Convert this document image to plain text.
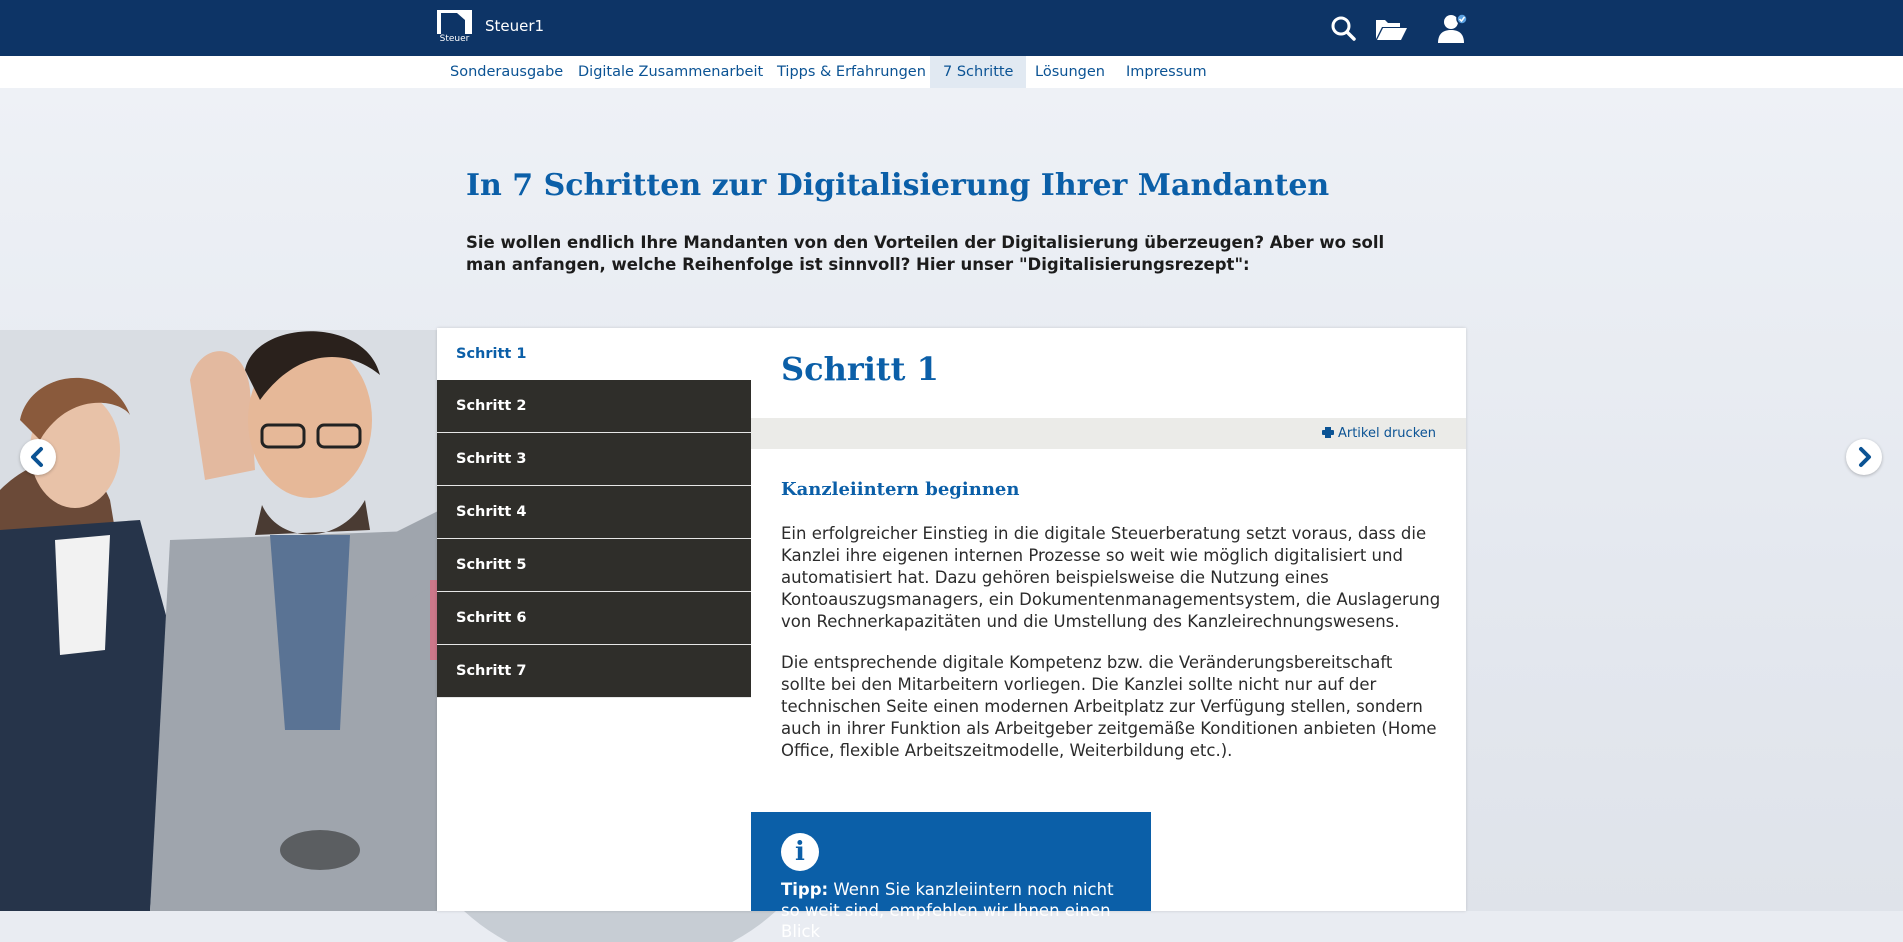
Steuer
Steuer1
Sonderausgabe	Digitale Zusammenarbeit Tipps & Erfahrungen	7 Schritte	Lösungen	Impressum
In 7 Schritten zur Digitalisierung Ihrer Mandanten

Sie wollen endlich Ihre Mandanten von den Vorteilen der Digitalisierung überzeugen? Aber wo soll man anfangen, welche Reihenfolge ist sinnvoll? Hier unser "Digitalisierungsrezept":

Schritt 1
Schritt 2
Schritt 3
Schritt 4
Schritt 5
Schritt 6
Schritt 7
Schritt 1
Artikel drucken
Kanzleiintern beginnen

Ein erfolgreicher Einstieg in die digitale Steuerberatung setzt voraus, dass die Kanzlei ihre eigenen internen Prozesse so weit wie möglich digitalisiert und automatisiert hat. Dazu gehören beispielsweise die Nutzung eines Kontoauszugsmanagers, ein Dokumentenmanagementsystem, die Auslagerung von Rechnerkapazitäten und die Umstellung des Kanzleirechnungswesens.

Die entsprechende digitale Kompetenz bzw. die Veränderungsbereitschaft sollte bei den Mitarbeitern vorliegen. Die Kanzlei sollte nicht nur auf der technischen Seite einen modernen Arbeitplatz zur Verfügung stellen, sondern auch in ihrer Funktion als Arbeitgeber zeitgemäße Konditionen anbieten (Home Office, flexible Arbeitszeitmodelle, Weiterbildung etc.).

i

Tipp: Wenn Sie kanzleiintern noch nicht so weit sind, empfehlen wir Ihnen einen Blick
